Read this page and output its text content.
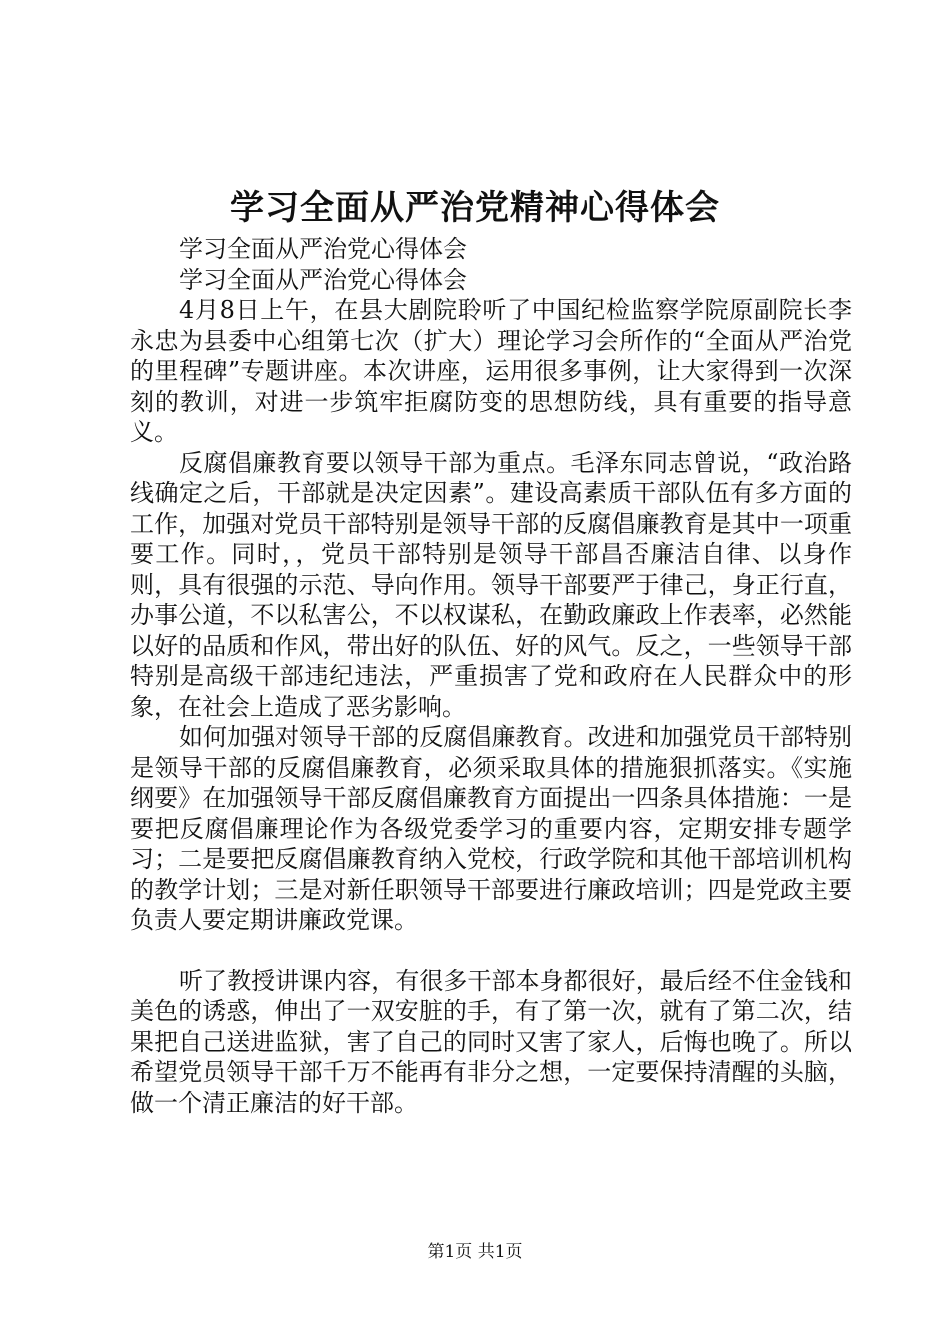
学习全面从严治党精神心得体会

学习全面从严治党心得体会

学习全面从严治党心得体会

4月8日上午，在县大剧院聆听了中国纪检监察学院原副院长李永忠为县委中心组第七次（扩大）理论学习会所作的“全面从严治党的里程碑”专题讲座。本次讲座，运用很多事例，让大家得到一次深刻的教训，对进一步筑牢拒腐防变的思想防线，具有重要的指导意义。

反腐倡廉教育要以领导干部为重点。毛泽东同志曾说，“政治路线确定之后，干部就是决定因素”。建设高素质干部队伍有多方面的工作，加强对党员干部特别是领导干部的反腐倡廉教育是其中一项重要工作。同时，，党员干部特别是领导干部昌否廉洁自律、以身作则，具有很强的示范、导向作用。领导干部要严于律己，身正行直，办事公道，不以私害公，不以权谋私，在勤政廉政上作表率，必然能以好的品质和作风，带出好的队伍、好的风气。反之，一些领导干部特别是高级干部违纪违法，严重损害了党和政府在人民群众中的形象，在社会上造成了恶劣影响。

如何加强对领导干部的反腐倡廉教育。改进和加强党员干部特别是领导干部的反腐倡廉教育，必须采取具体的措施狠抓落实。《实施纲要》在加强领导干部反腐倡廉教育方面提出一四条具体措施：一是要把反腐倡廉理论作为各级党委学习的重要内容，定期安排专题学习；二是要把反腐倡廉教育纳入党校，行政学院和其他干部培训机构的教学计划；三是对新任职领导干部要进行廉政培训；四是党政主要负责人要定期讲廉政党课。

听了教授讲课内容，有很多干部本身都很好，最后经不住金钱和美色的诱惑，伸出了一双安脏的手，有了第一次，就有了第二次，结果把自己送进监狱，害了自己的同时又害了家人，后悔也晚了。所以希望党员领导干部千万不能再有非分之想，一定要保持清醒的头脑，做一个清正廉洁的好干部。

第1页 共1页
